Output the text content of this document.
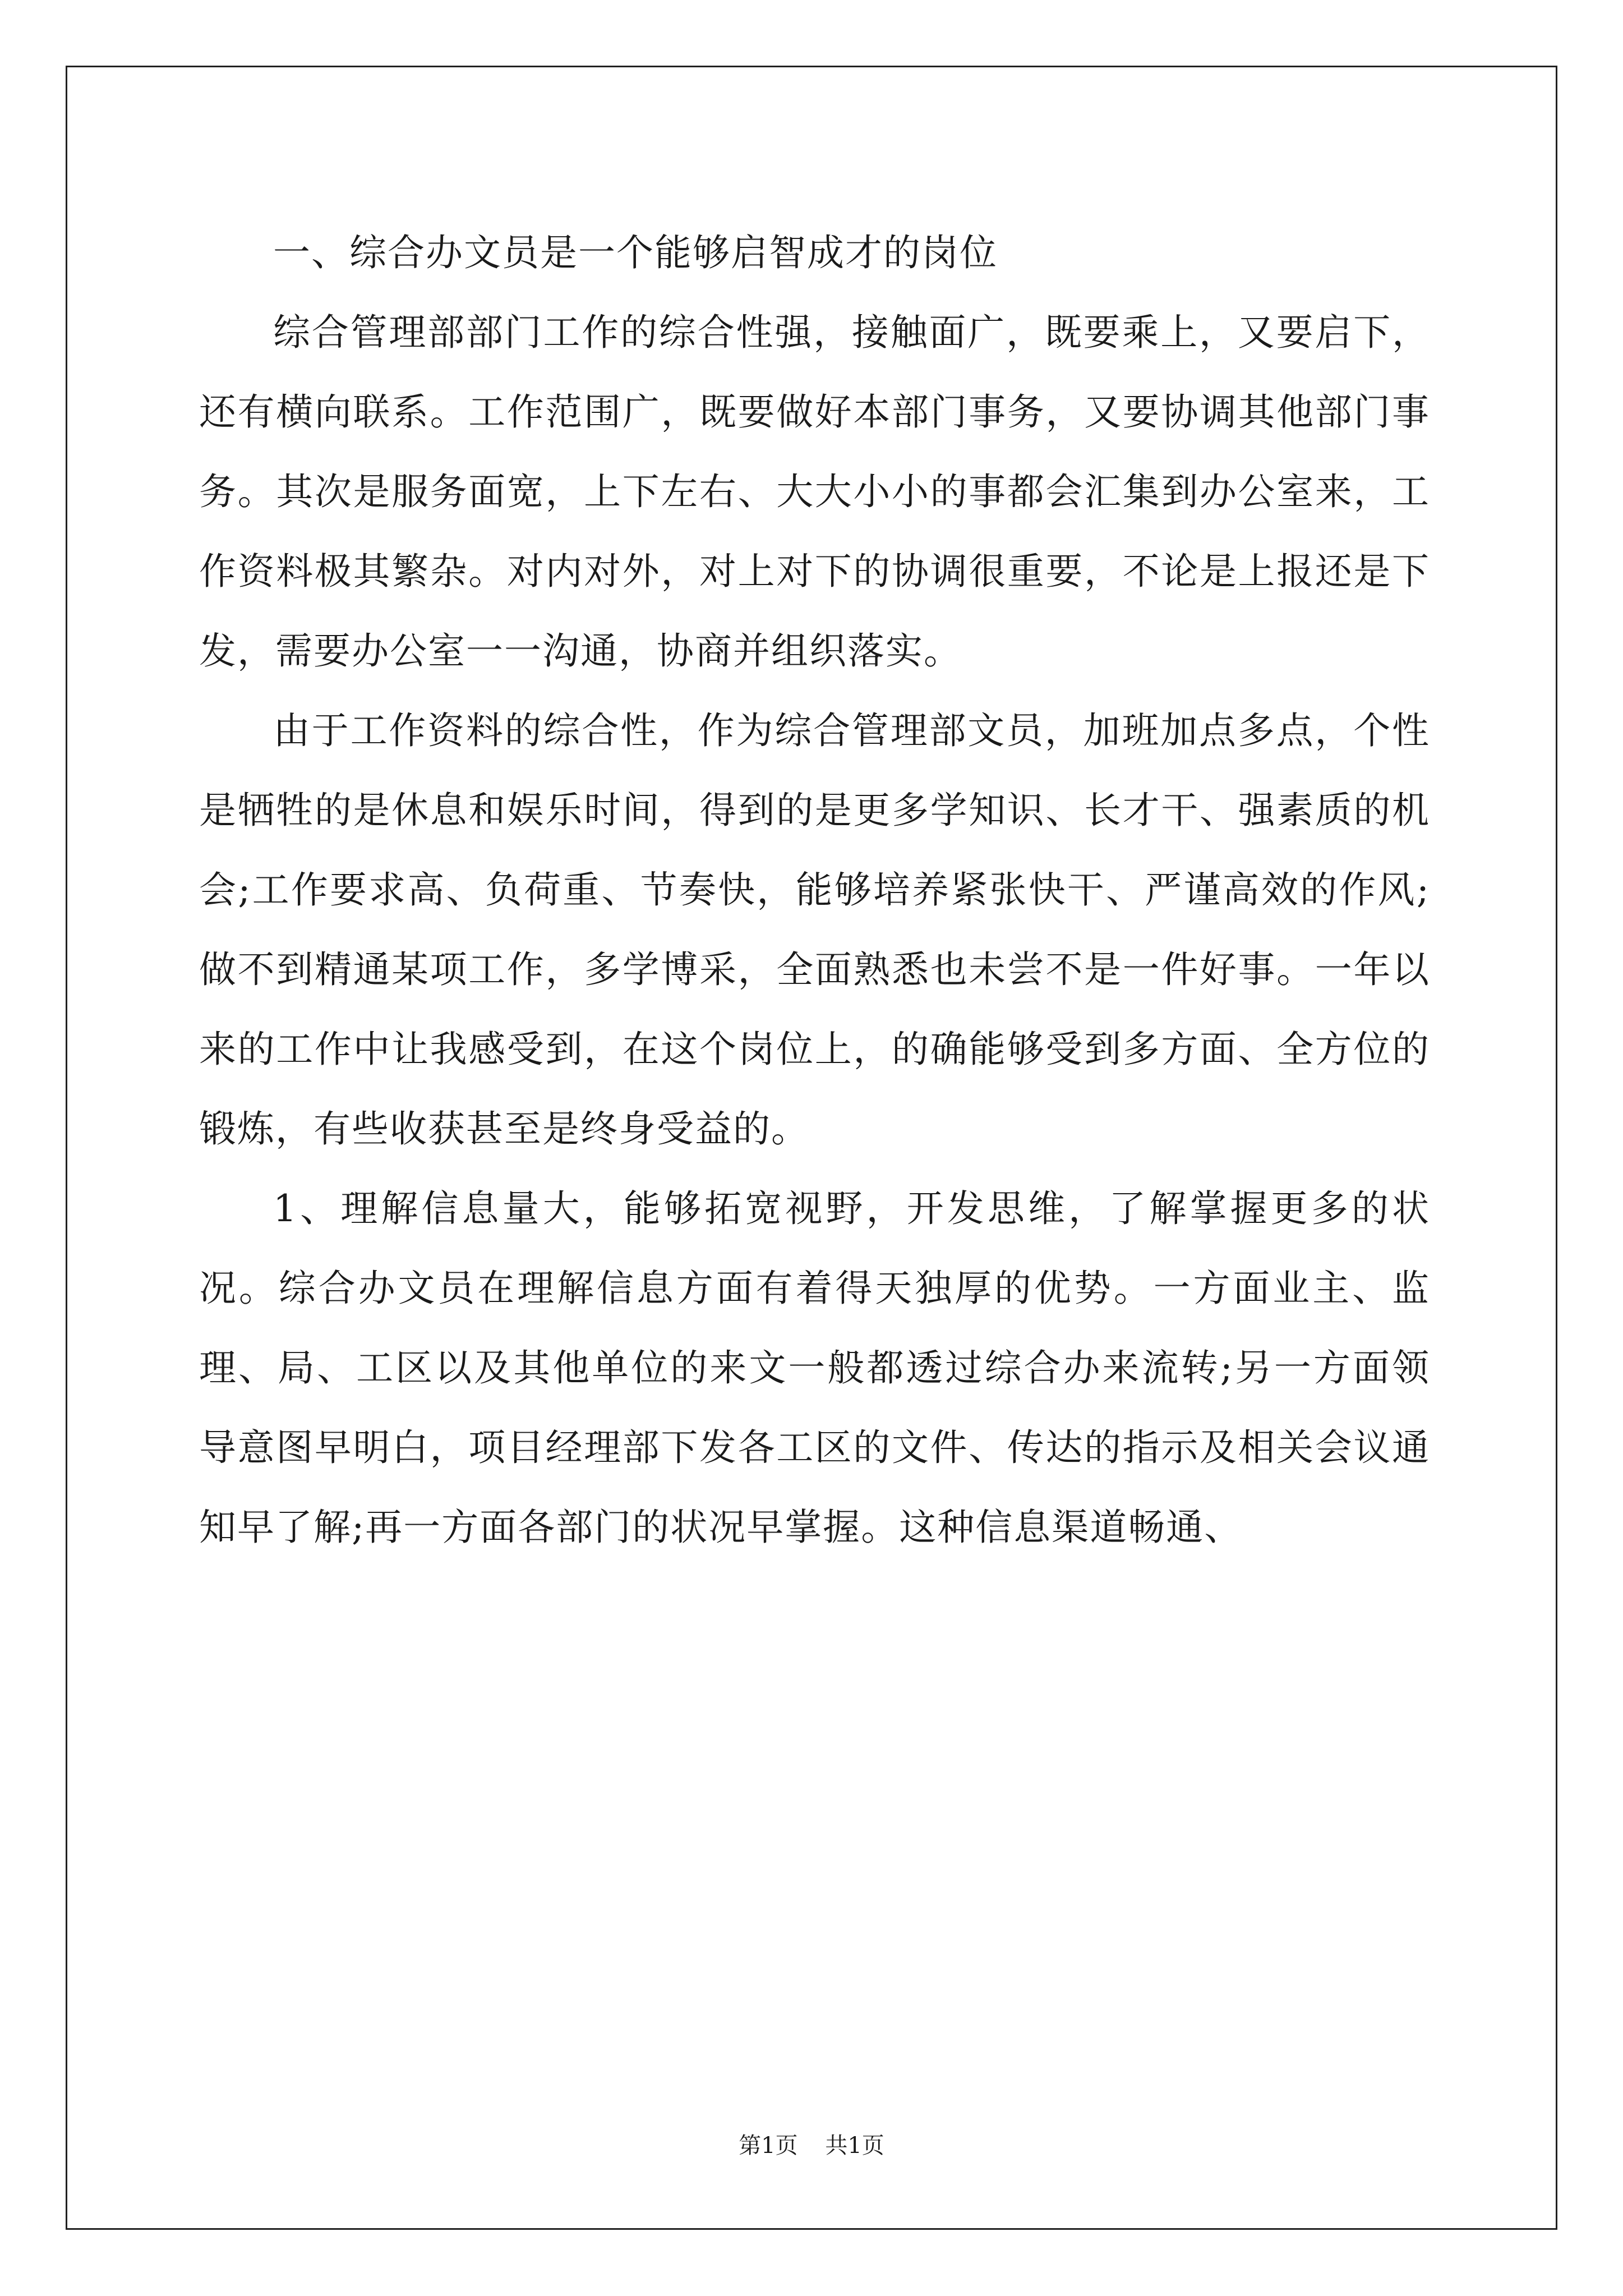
一、综合办文员是一个能够启智成才的岗位

综合管理部部门工作的综合性强，接触面广，既要乘上，又要启下，还有横向联系。工作范围广，既要做好本部门事务，又要协调其他部门事务。其次是服务面宽，上下左右、大大小小的事都会汇集到办公室来，工作资料极其繁杂。对内对外，对上对下的协调很重要，不论是上报还是下发，需要办公室一一沟通，协商并组织落实。

由于工作资料的综合性，作为综合管理部文员，加班加点多点，个性是牺牲的是休息和娱乐时间，得到的是更多学知识、长才干、强素质的机会;工作要求高、负荷重、节奏快，能够培养紧张快干、严谨高效的作风;做不到精通某项工作，多学博采，全面熟悉也未尝不是一件好事。一年以来的工作中让我感受到，在这个岗位上，的确能够受到多方面、全方位的锻炼，有些收获甚至是终身受益的。

1、理解信息量大，能够拓宽视野，开发思维，了解掌握更多的状况。综合办文员在理解信息方面有着得天独厚的优势。一方面业主、监理、局、工区以及其他单位的来文一般都透过综合办来流转;另一方面领导意图早明白，项目经理部下发各工区的文件、传达的指示及相关会议通知早了解;再一方面各部门的状况早掌握。这种信息渠道畅通、

第1页 共1页
